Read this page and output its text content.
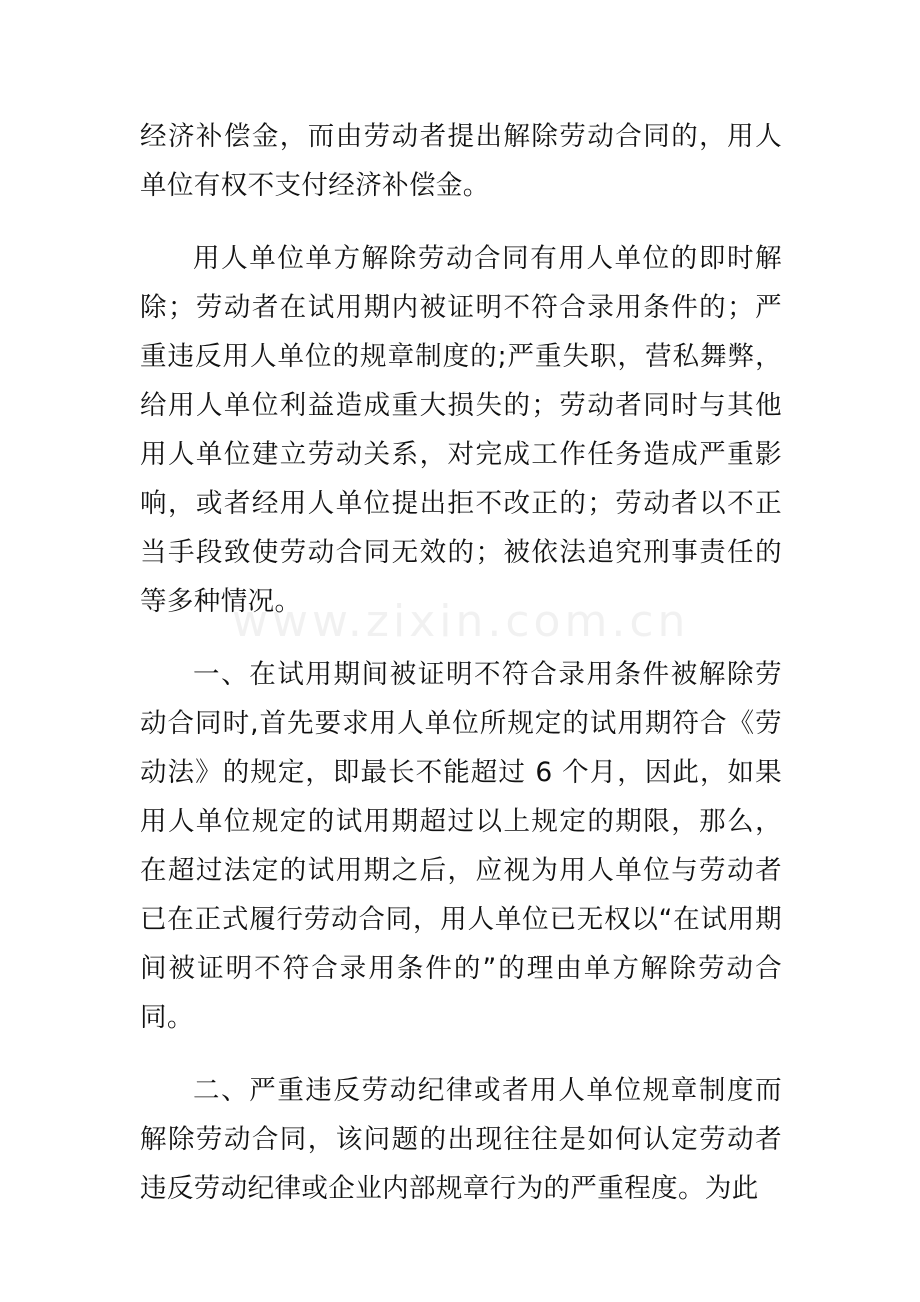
经济补偿金，而由劳动者提出解除劳动合同的，用人单位有权不支付经济补偿金。

用人单位单方解除劳动合同有用人单位的即时解除；劳动者在试用期内被证明不符合录用条件的；严重违反用人单位的规章制度的;严重失职，营私舞弊，给用人单位利益造成重大损失的；劳动者同时与其他用人单位建立劳动关系，对完成工作任务造成严重影响，或者经用人单位提出拒不改正的；劳动者以不正当手段致使劳动合同无效的；被依法追究刑事责任的等多种情况。

一、在试用期间被证明不符合录用条件被解除劳动合同时,首先要求用人单位所规定的试用期符合《劳动法》的规定，即最长不能超过 6 个月，因此，如果用人单位规定的试用期超过以上规定的期限，那么，在超过法定的试用期之后，应视为用人单位与劳动者已在正式履行劳动合同，用人单位已无权以“在试用期间被证明不符合录用条件的”的理由单方解除劳动合同。

二、严重违反劳动纪律或者用人单位规章制度而解除劳动合同，该问题的出现往往是如何认定劳动者违反劳动纪律或企业内部规章行为的严重程度。为此

www.zixin.com.cn
